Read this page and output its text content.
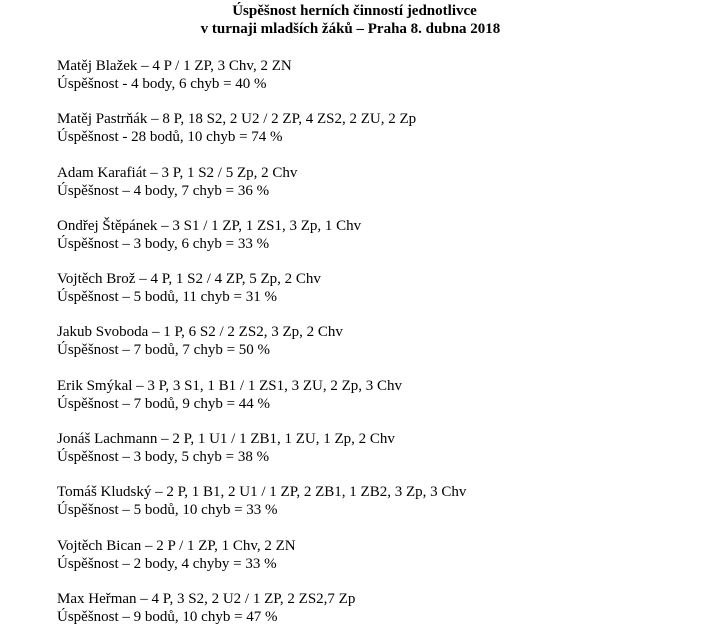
Úspěšnost herních činností jednotlivce
v turnaji mladších žáků – Praha 8. dubna 2018
Matěj Blažek – 4 P / 1 ZP, 3 Chv, 2 ZN
Úspěšnost - 4 body, 6 chyb = 40 %
Matěj Pastrňák – 8 P, 18 S2, 2 U2 / 2 ZP, 4 ZS2, 2 ZU, 2 Zp
Úspěšnost - 28 bodů, 10 chyb = 74 %
Adam Karafiát – 3 P, 1 S2 / 5 Zp, 2 Chv
Úspěšnost – 4 body, 7 chyb = 36 %
Ondřej Štěpánek – 3 S1 / 1 ZP, 1 ZS1, 3 Zp, 1 Chv
Úspěšnost – 3 body, 6 chyb = 33 %
Vojtěch Brož – 4 P, 1 S2 / 4 ZP, 5 Zp, 2 Chv
Úspěšnost – 5 bodů, 11 chyb = 31 %
Jakub Svoboda – 1 P, 6 S2 / 2 ZS2, 3 Zp, 2 Chv
Úspěšnost – 7 bodů, 7 chyb = 50 %
Erik Smýkal – 3 P, 3 S1, 1 B1 / 1 ZS1, 3 ZU, 2 Zp, 3 Chv
Úspěšnost – 7 bodů, 9 chyb = 44 %
Jonáš Lachmann – 2 P, 1 U1 / 1 ZB1, 1 ZU, 1 Zp, 2 Chv
Úspěšnost – 3 body, 5 chyb = 38 %
Tomáš Kludský – 2 P, 1 B1, 2 U1 / 1 ZP, 2 ZB1, 1 ZB2, 3 Zp, 3 Chv
Úspěšnost – 5 bodů, 10 chyb = 33 %
Vojtěch Bican – 2 P / 1 ZP, 1 Chv, 2 ZN
Úspěšnost – 2 body, 4 chyby = 33 %
Max Heřman – 4 P, 3 S2, 2 U2 / 1 ZP, 2 ZS2,7 Zp
Úspěšnost – 9 bodů, 10 chyb = 47 %
